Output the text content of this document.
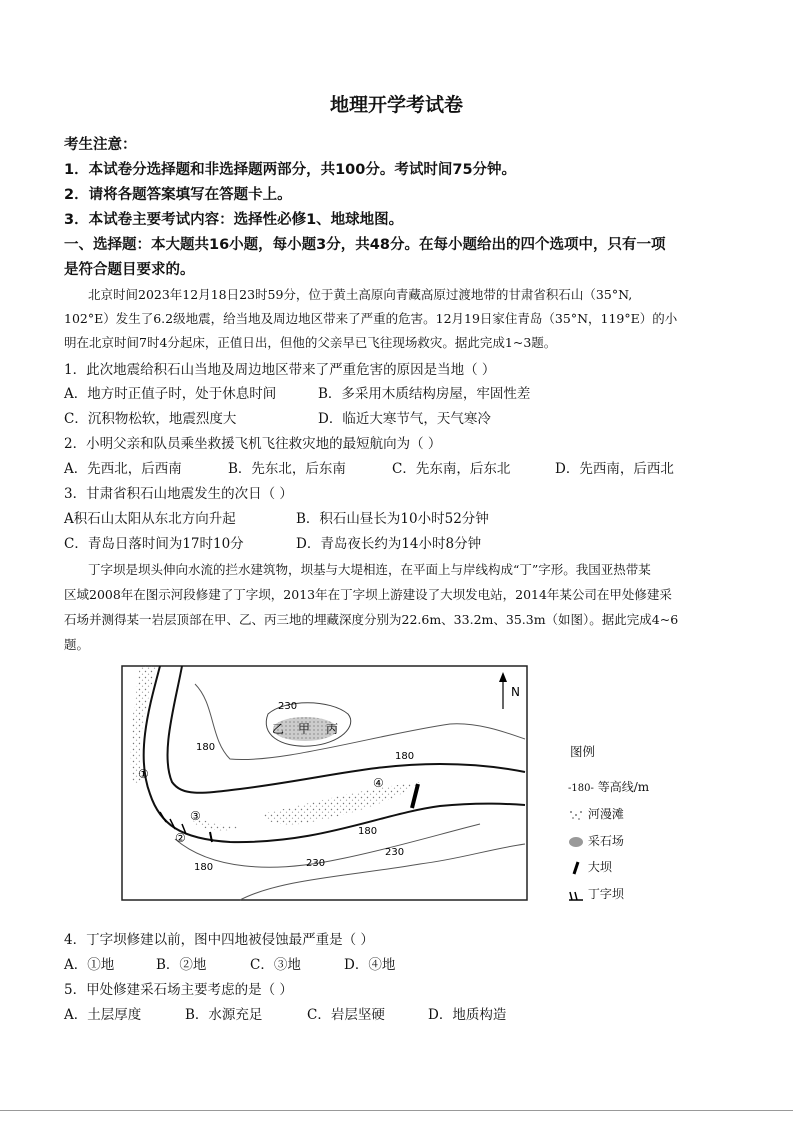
地理开学考试卷
考生注意：
1．本试卷分选择题和非选择题两部分，共100分。考试时间75分钟。
2．请将各题答案填写在答题卡上。
3．本试卷主要考试内容：选择性必修1、地球地图。
一、选择题：本大题共16小题，每小题3分，共48分。在每小题给出的四个选项中，只有一项
是符合题目要求的。
北京时间2023年12月18日23时59分，位于黄土高原向青藏高原过渡地带的甘肃省积石山（35°N,
102°E）发生了6.2级地震，给当地及周边地区带来了严重的危害。12月19日家住青岛（35°N，119°E）的小
明在北京时间7时4分起床，正值日出，但他的父亲早已飞往现场救灾。据此完成1~3题。
1．此次地震给积石山当地及周边地区带来了严重危害的原因是当地（ ）
A．地方时正值子时，处于休息时间	B．多采用木质结构房屋，牢固性差
C．沉积物松软，地震烈度大	D．临近大寒节气，天气寒冷
2．小明父亲和队员乘坐救援飞机飞往救灾地的最短航向为（ ）
A．先西北，后西南	B．先东北，后东南	C．先东南，后东北	D．先西南，后西北
3．甘肃省积石山地震发生的次日（ ）
A积石山太阳从东北方向升起	B．积石山昼长为10小时52分钟
C．青岛日落时间为17时10分	D．青岛夜长约为14小时8分钟
丁字坝是坝头伸向水流的拦水建筑物，坝基与大堤相连，在平面上与岸线构成“丁”字形。我国亚热带某
区域2008年在图示河段修建了丁字坝，2013年在丁字坝上游建设了大坝发电站，2014年某公司在甲处修建采
石场并测得某一岩层顶部在甲、乙、丙三地的埋藏深度分别为22.6m、33.2m、35.3m（如图）。据此完成4~6
题。
N
230
乙 甲 丙
180
180
180
180	230
230
①
②
③
④
图例
-180- 等高线/m
河漫滩
采石场
大坝
丁字坝
4．丁字坝修建以前，图中四地被侵蚀最严重是（ ）
A．①地	B．②地	C．③地	D．④地
5．甲处修建采石场主要考虑的是（ ）
A．土层厚度	B．水源充足	C．岩层坚硬	D．地质构造
